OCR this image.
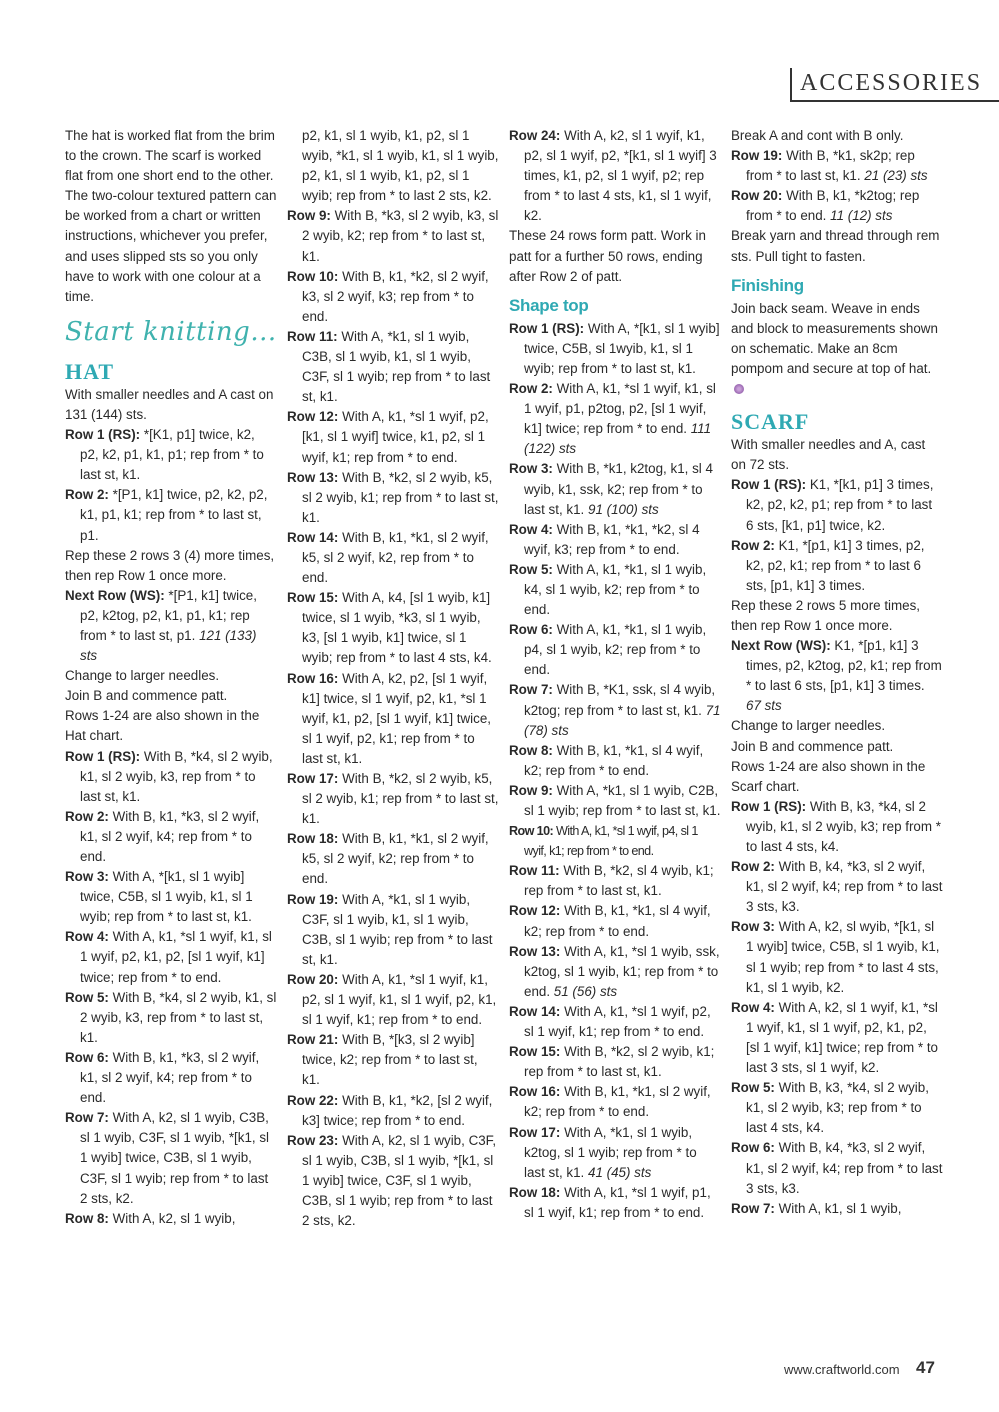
ACCESSORIES

The hat is worked flat from the brim to the crown. The scarf is worked flat from one short end to the other. The two-colour textured pattern can be worked from a chart or written instructions, whichever you prefer, and uses slipped sts so you only have to work with one colour at a time.

Start knitting...

HAT

With smaller needles and A cast on 131 (144) sts.

Row 1 (RS): *[K1, p1] twice, k2, p2, k2, p1, k1, p1; rep from * to last st, k1.

Row 2: *[P1, k1] twice, p2, k2, p2, k1, p1, k1; rep from * to last st, p1.

Rep these 2 rows 3 (4) more times, then rep Row 1 once more.

Next Row (WS): *[P1, k1] twice, p2, k2tog, p2, k1, p1, k1; rep from * to last st, p1. 121 (133) sts

Change to larger needles.

Join B and commence patt.

Rows 1-24 are also shown in the Hat chart.

Row 1 (RS): With B, *k4, sl 2 wyib, k1, sl 2 wyib, k3, rep from * to last st, k1.

Row 2: With B, k1, *k3, sl 2 wyif, k1, sl 2 wyif, k4; rep from * to end.

Row 3: With A, *[k1, sl 1 wyib] twice, C5B, sl 1 wyib, k1, sl 1 wyib; rep from * to last st, k1.

Row 4: With A, k1, *sl 1 wyif, k1, sl 1 wyif, p2, k1, p2, [sl 1 wyif, k1] twice; rep from * to end.

Row 5: With B, *k4, sl 2 wyib, k1, sl 2 wyib, k3, rep from * to last st, k1.

Row 6: With B, k1, *k3, sl 2 wyif, k1, sl 2 wyif, k4; rep from * to end.

Row 7: With A, k2, sl 1 wyib, C3B, sl 1 wyib, C3F, sl 1 wyib, *[k1, sl 1 wyib] twice, C3B, sl 1 wyib, C3F, sl 1 wyib; rep from * to last 2 sts, k2.

Row 8: With A, k2, sl 1 wyib,

p2, k1, sl 1 wyib, k1, p2, sl 1 wyib, *k1, sl 1 wyib, k1, sl 1 wyib, p2, k1, sl 1 wyib, k1, p2, sl 1 wyib; rep from * to last 2 sts, k2.

Row 9: With B, *k3, sl 2 wyib, k3, sl 2 wyib, k2; rep from * to last st, k1.

Row 10: With B, k1, *k2, sl 2 wyif, k3, sl 2 wyif, k3; rep from * to end.

Row 11: With A, *k1, sl 1 wyib, C3B, sl 1 wyib, k1, sl 1 wyib, C3F, sl 1 wyib; rep from * to last st, k1.

Row 12: With A, k1, *sl 1 wyif, p2, [k1, sl 1 wyif] twice, k1, p2, sl 1 wyif, k1; rep from * to end.

Row 13: With B, *k2, sl 2 wyib, k5, sl 2 wyib, k1; rep from * to last st, k1.

Row 14: With B, k1, *k1, sl 2 wyif, k5, sl 2 wyif, k2, rep from * to end.

Row 15: With A, k4, [sl 1 wyib, k1] twice, sl 1 wyib, *k3, sl 1 wyib, k3, [sl 1 wyib, k1] twice, sl 1 wyib; rep from * to last 4 sts, k4.

Row 16: With A, k2, p2, [sl 1 wyif, k1] twice, sl 1 wyif, p2, k1, *sl 1 wyif, k1, p2, [sl 1 wyif, k1] twice, sl 1 wyif, p2, k1; rep from * to last st, k1.

Row 17: With B, *k2, sl 2 wyib, k5, sl 2 wyib, k1; rep from * to last st, k1.

Row 18: With B, k1, *k1, sl 2 wyif, k5, sl 2 wyif, k2; rep from * to end.

Row 19: With A, *k1, sl 1 wyib, C3F, sl 1 wyib, k1, sl 1 wyib, C3B, sl 1 wyib; rep from * to last st, k1.

Row 20: With A, k1, *sl 1 wyif, k1, p2, sl 1 wyif, k1, sl 1 wyif, p2, k1, sl 1 wyif, k1; rep from * to end.

Row 21: With B, *[k3, sl 2 wyib] twice, k2; rep from * to last st, k1.

Row 22: With B, k1, *k2, [sl 2 wyif, k3] twice; rep from * to end.

Row 23: With A, k2, sl 1 wyib, C3F, sl 1 wyib, C3B, sl 1 wyib, *[k1, sl 1 wyib] twice, C3F, sl 1 wyib, C3B, sl 1 wyib; rep from * to last 2 sts, k2.

Row 24: With A, k2, sl 1 wyif, k1, p2, sl 1 wyif, p2, *[k1, sl 1 wyif] 3 times, k1, p2, sl 1 wyif, p2; rep from * to last 4 sts, k1, sl 1 wyif, k2.

These 24 rows form patt. Work in patt for a further 50 rows, ending after Row 2 of patt.

Shape top

Row 1 (RS): With A, *[k1, sl 1 wyib] twice, C5B, sl 1wyib, k1, sl 1 wyib; rep from * to last st, k1.

Row 2: With A, k1, *sl 1 wyif, k1, sl 1 wyif, p1, p2tog, p2, [sl 1 wyif, k1] twice; rep from * to end. 111 (122) sts

Row 3: With B, *k1, k2tog, k1, sl 4 wyib, k1, ssk, k2; rep from * to last st, k1. 91 (100) sts

Row 4: With B, k1, *k1, *k2, sl 4 wyif, k3; rep from * to end.

Row 5: With A, k1, *k1, sl 1 wyib, k4, sl 1 wyib, k2; rep from * to end.

Row 6: With A, k1, *k1, sl 1 wyib, p4, sl 1 wyib, k2; rep from * to end.

Row 7: With B, *K1, ssk, sl 4 wyib, k2tog; rep from * to last st, k1. 71 (78) sts

Row 8: With B, k1, *k1, sl 4 wyif, k2; rep from * to end.

Row 9: With A, *k1, sl 1 wyib, C2B, sl 1 wyib; rep from * to last st, k1.

Row 10: With A, k1, *sl 1 wyif, p4, sl 1 wyif, k1; rep from * to end.

Row 11: With B, *k2, sl 4 wyib, k1; rep from * to last st, k1.

Row 12: With B, k1, *k1, sl 4 wyif, k2; rep from * to end.

Row 13: With A, k1, *sl 1 wyib, ssk, k2tog, sl 1 wyib, k1; rep from * to end. 51 (56) sts

Row 14: With A, k1, *sl 1 wyif, p2, sl 1 wyif, k1; rep from * to end.

Row 15: With B, *k2, sl 2 wyib, k1; rep from * to last st, k1.

Row 16: With B, k1, *k1, sl 2 wyif, k2; rep from * to end.

Row 17: With A, *k1, sl 1 wyib, k2tog, sl 1 wyib; rep from * to last st, k1. 41 (45) sts

Row 18: With A, k1, *sl 1 wyif, p1, sl 1 wyif, k1; rep from * to end.

Break A and cont with B only.

Row 19: With B, *k1, sk2p; rep from * to last st, k1. 21 (23) sts

Row 20: With B, k1, *k2tog; rep from * to end. 11 (12) sts

Break yarn and thread through rem sts. Pull tight to fasten.

Finishing

Join back seam. Weave in ends and block to measurements shown on schematic. Make an 8cm pompom and secure at top of hat.

SCARF

With smaller needles and A, cast on 72 sts.

Row 1 (RS): K1, *[k1, p1] 3 times, k2, p2, k2, p1; rep from * to last 6 sts, [k1, p1] twice, k2.

Row 2: K1, *[p1, k1] 3 times, p2, k2, p2, k1; rep from * to last 6 sts, [p1, k1] 3 times.

Rep these 2 rows 5 more times, then rep Row 1 once more.

Next Row (WS): K1, *[p1, k1] 3 times, p2, k2tog, p2, k1; rep from * to last 6 sts, [p1, k1] 3 times. 67 sts

Change to larger needles.

Join B and commence patt.

Rows 1-24 are also shown in the Scarf chart.

Row 1 (RS): With B, k3, *k4, sl 2 wyib, k1, sl 2 wyib, k3; rep from * to last 4 sts, k4.

Row 2: With B, k4, *k3, sl 2 wyif, k1, sl 2 wyif, k4; rep from * to last 3 sts, k3.

Row 3: With A, k2, sl wyib, *[k1, sl 1 wyib] twice, C5B, sl 1 wyib, k1, sl 1 wyib; rep from * to last 4 sts, k1, sl 1 wyib, k2.

Row 4: With A, k2, sl 1 wyif, k1, *sl 1 wyif, k1, sl 1 wyif, p2, k1, p2, [sl 1 wyif, k1] twice; rep from * to last 3 sts, sl 1 wyif, k2.

Row 5: With B, k3, *k4, sl 2 wyib, k1, sl 2 wyib, k3; rep from * to last 4 sts, k4.

Row 6: With B, k4, *k3, sl 2 wyif, k1, sl 2 wyif, k4; rep from * to last 3 sts, k3.

Row 7: With A, k1, sl 1 wyib,

www.craftworld.com 47
